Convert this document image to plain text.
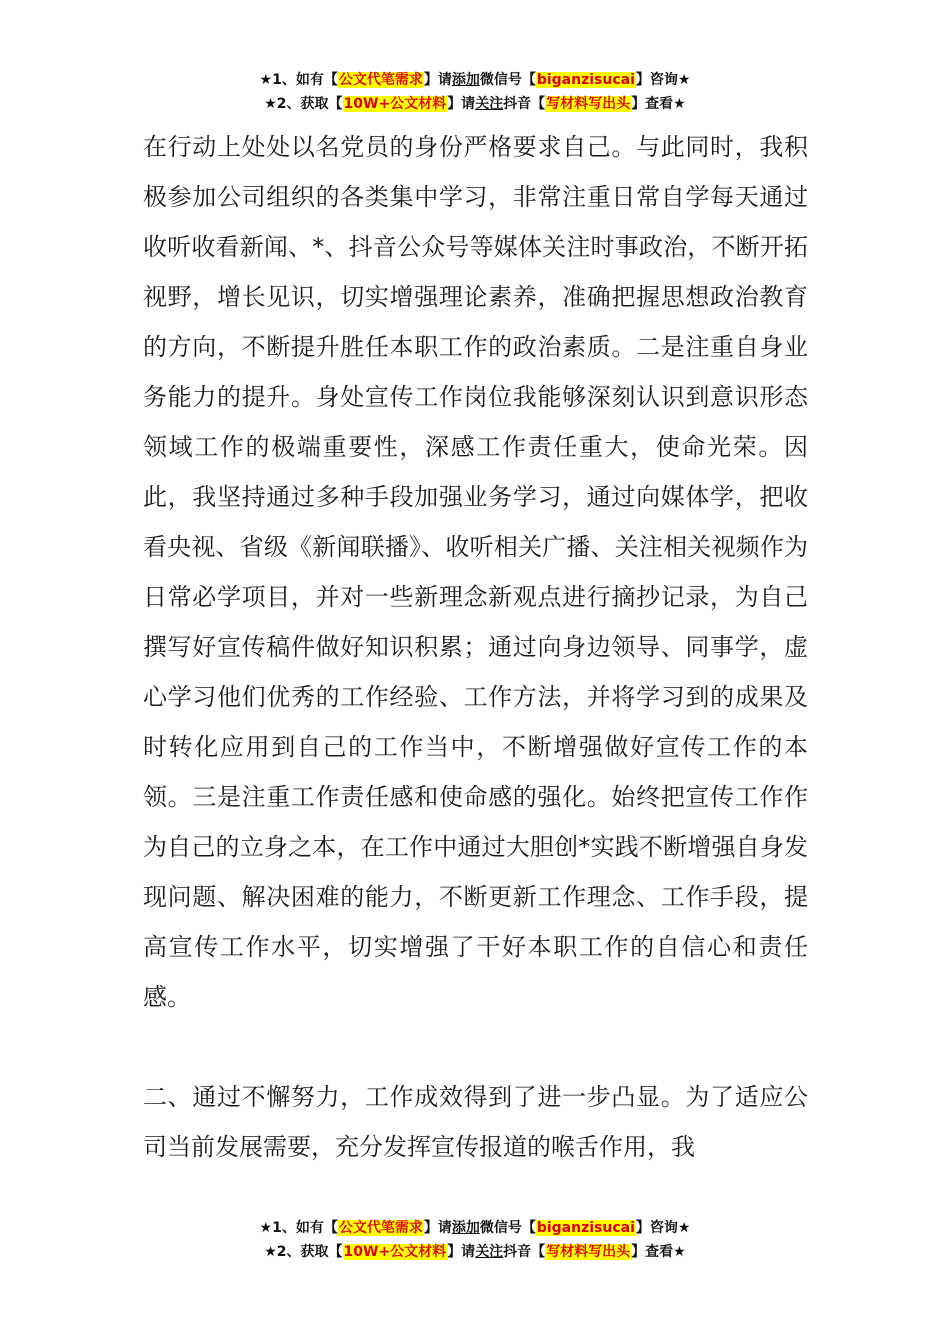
★1、如有【公文代笔需求】请添加微信号【biganzisucai】咨询★
★2、获取【10W+公文材料】请关注抖音【写材料写出头】查看★

在行动上处处以名党员的身份严格要求自己。与此同时，我积极参加公司组织的各类集中学习，非常注重日常自学每天通过收听收看新闻、*、抖音公众号等媒体关注时事政治，不断开拓视野，增长见识，切实增强理论素养，准确把握思想政治教育的方向，不断提升胜任本职工作的政治素质。二是注重自身业务能力的提升。身处宣传工作岗位我能够深刻认识到意识形态领域工作的极端重要性，深感工作责任重大，使命光荣。因此，我坚持通过多种手段加强业务学习，通过向媒体学，把收看央视、省级《新闻联播》、收听相关广播、关注相关视频作为日常必学项目，并对一些新理念新观点进行摘抄记录，为自己撰写好宣传稿件做好知识积累；通过向身边领导、同事学，虚心学习他们优秀的工作经验、工作方法，并将学习到的成果及时转化应用到自己的工作当中，不断增强做好宣传工作的本领。三是注重工作责任感和使命感的强化。始终把宣传工作作为自己的立身之本，在工作中通过大胆创*实践不断增强自身发现问题、解决困难的能力，不断更新工作理念、工作手段，提高宣传工作水平，切实增强了干好本职工作的自信心和责任感。

二、通过不懈努力，工作成效得到了进一步凸显。为了适应公司当前发展需要，充分发挥宣传报道的喉舌作用，我

★1、如有【公文代笔需求】请添加微信号【biganzisucai】咨询★
★2、获取【10W+公文材料】请关注抖音【写材料写出头】查看★
